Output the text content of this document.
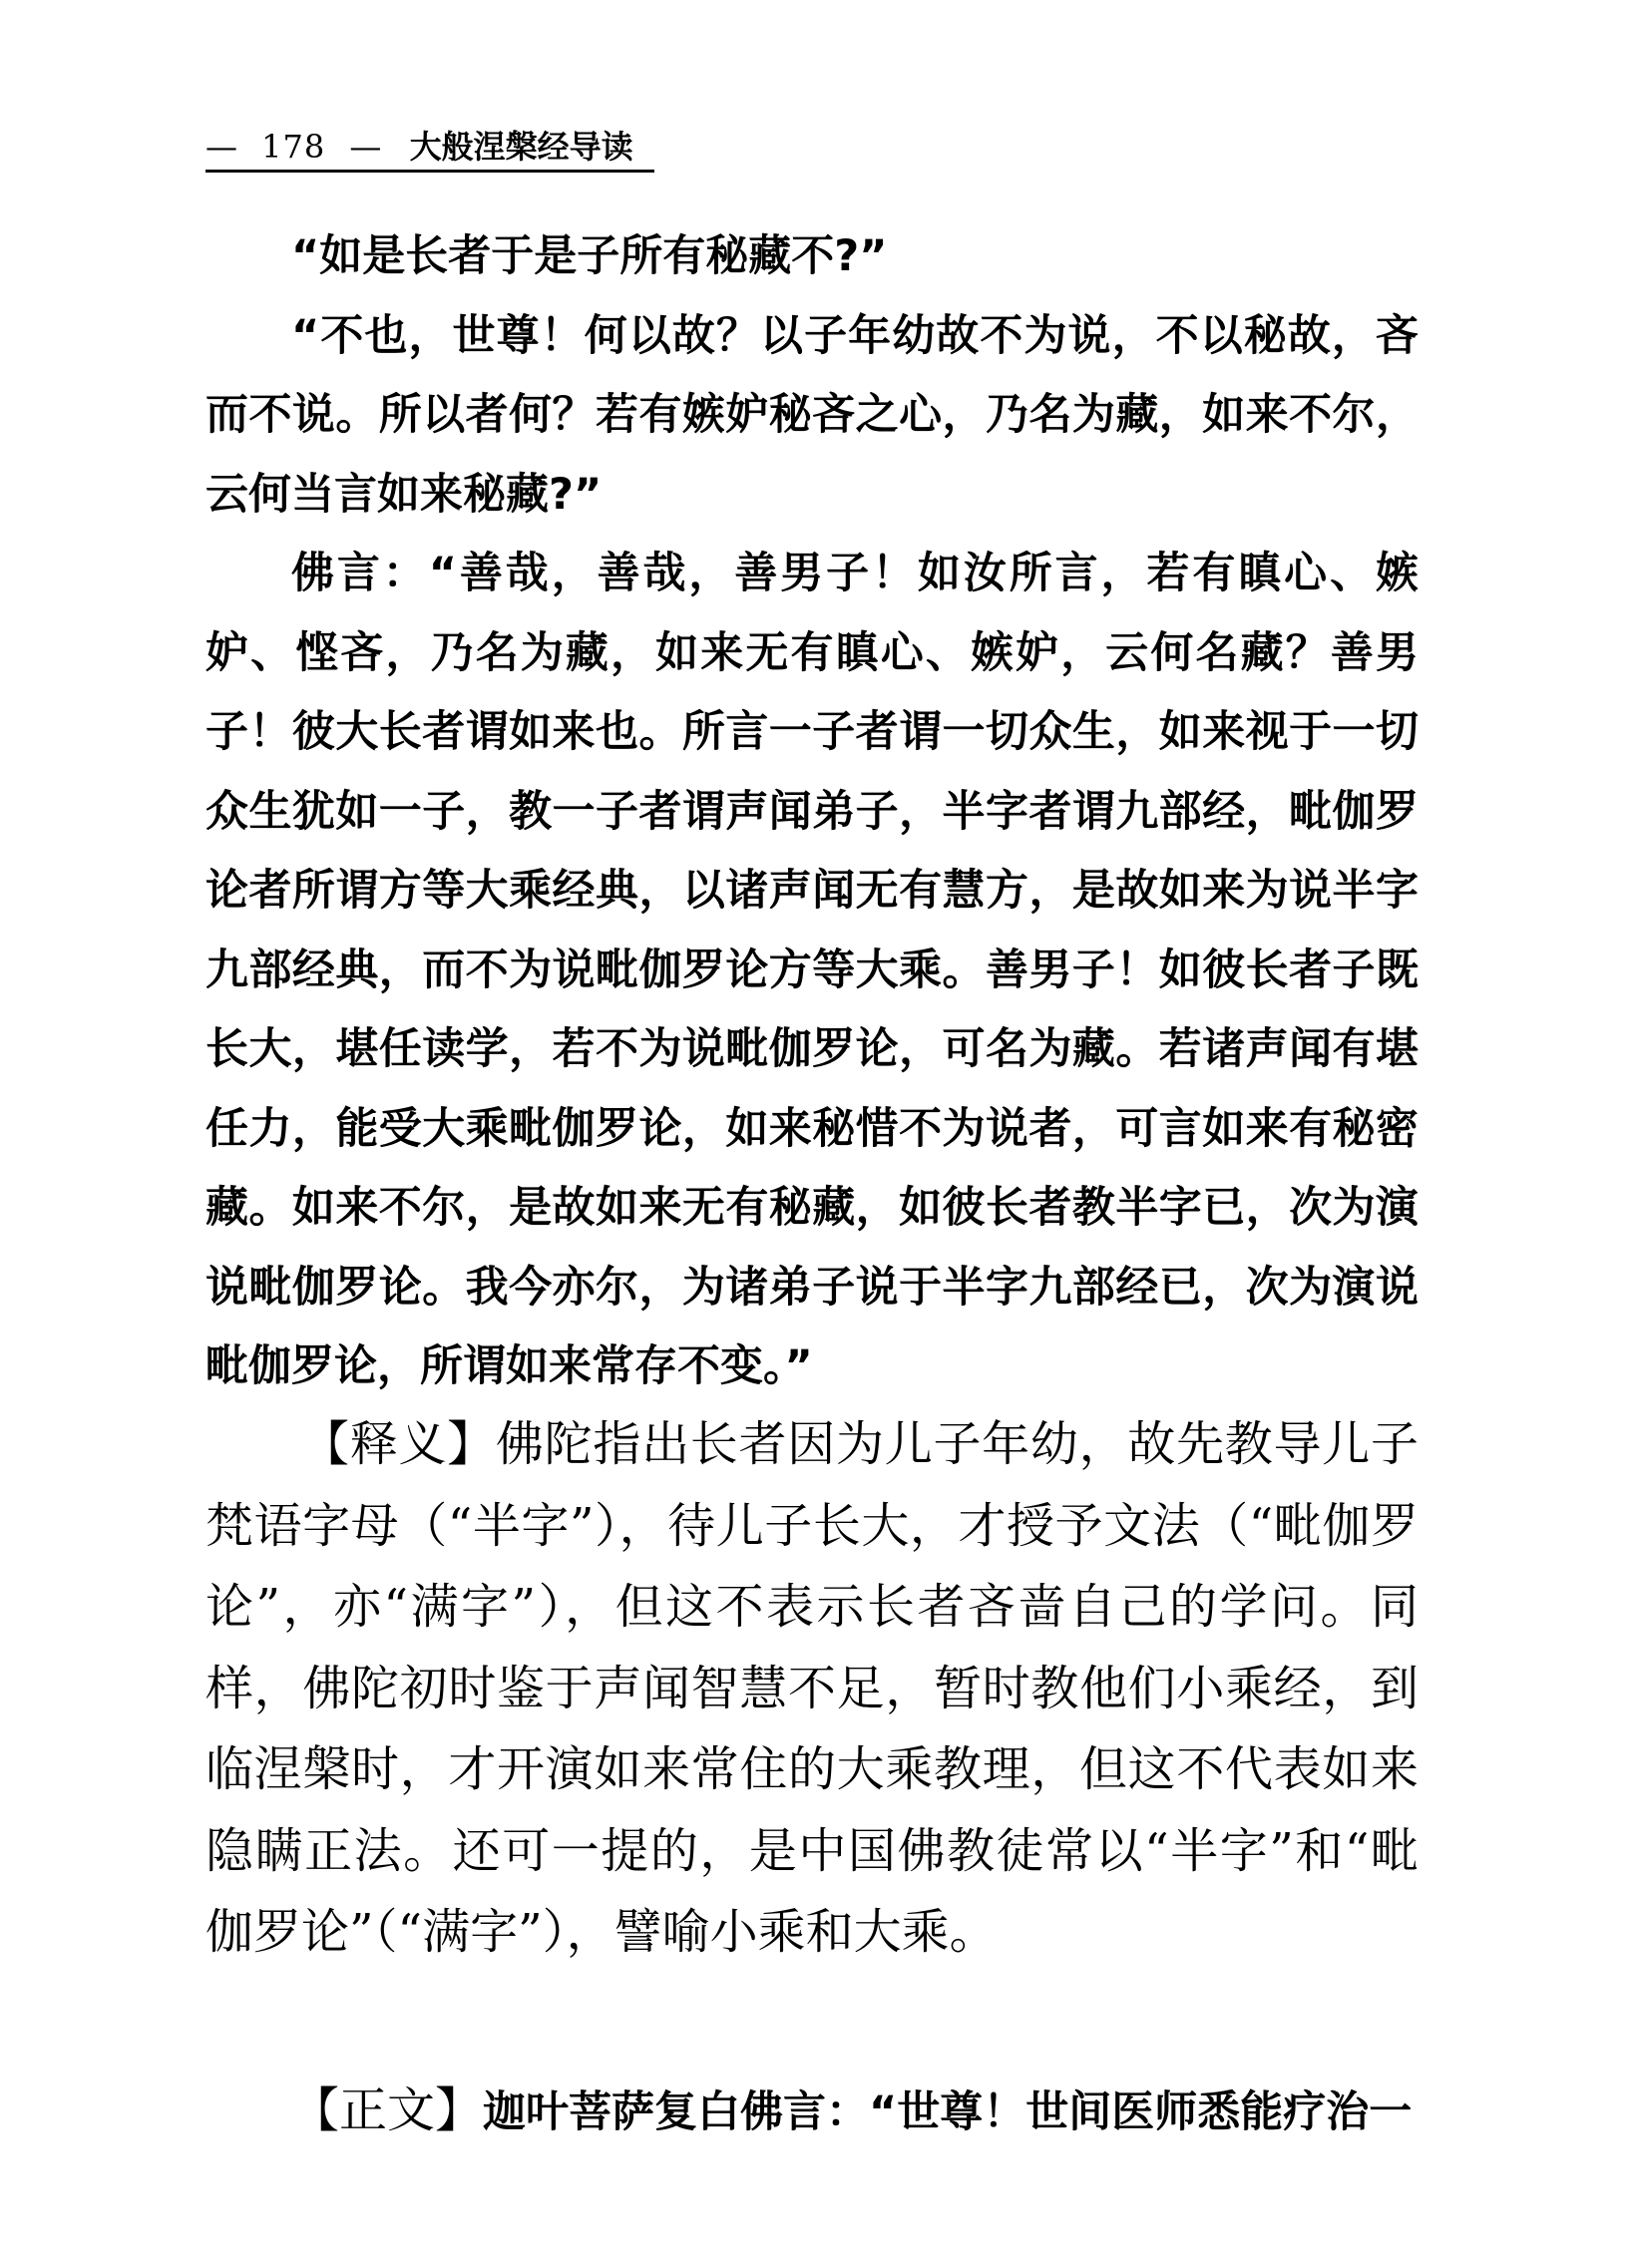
— 178 — 大般涅槃经导读

“如是长者于是子所有秘藏不?”

“不也，世尊！何以故？以子年幼故不为说，不以秘故，吝而不说。所以者何？若有嫉妒秘吝之心，乃名为藏，如来不尔，云何当言如来秘藏?”

佛言：“善哉，善哉，善男子！如汝所言，若有瞋心、嫉妒、悭吝，乃名为藏，如来无有瞋心、嫉妒，云何名藏？善男子！彼大长者谓如来也。所言一子者谓一切众生，如来视于一切众生犹如一子，教一子者谓声闻弟子，半字者谓九部经，毗伽罗论者所谓方等大乘经典，以诸声闻无有慧方，是故如来为说半字九部经典，而不为说毗伽罗论方等大乘。善男子！如彼长者子既长大，堪任读学，若不为说毗伽罗论，可名为藏。若诸声闻有堪任力，能受大乘毗伽罗论，如来秘惜不为说者，可言如来有秘密藏。如来不尔，是故如来无有秘藏，如彼长者教半字已，次为演说毗伽罗论。我今亦尔，为诸弟子说于半字九部经已，次为演说毗伽罗论，所谓如来常存不变。”

【释义】佛陀指出长者因为儿子年幼，故先教导儿子梵语字母（“半字”），待儿子长大，才授予文法（“毗伽罗论”，亦“满字”），但这不表示长者吝啬自己的学问。同样，佛陀初时鉴于声闻智慧不足，暂时教他们小乘经，到临涅槃时，才开演如来常住的大乘教理，但这不代表如来隐瞒正法。还可一提的，是中国佛教徒常以“半字”和“毗伽罗论”（“满字”），譬喻小乘和大乘。

【正文】迦叶菩萨复白佛言：“世尊！世间医师悉能疗治一
